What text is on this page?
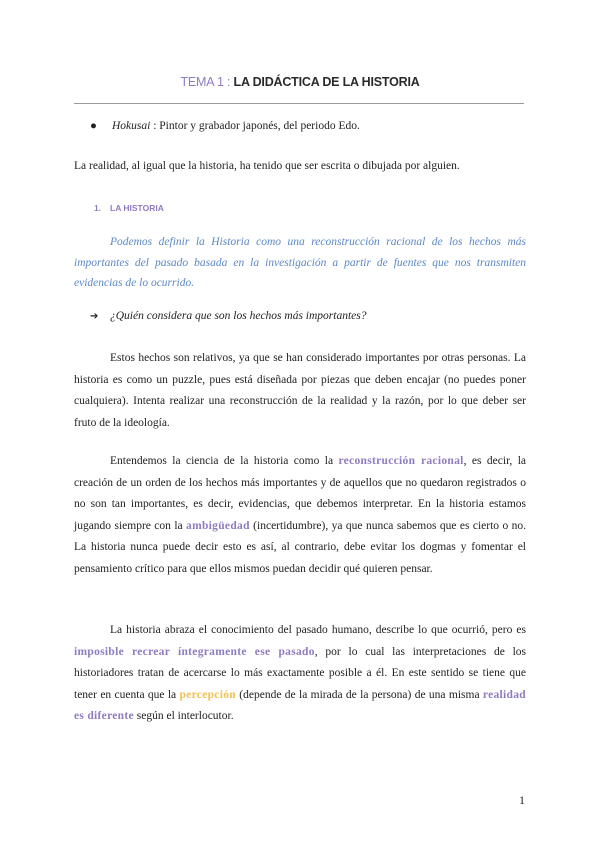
TEMA 1 : LA DIDÁCTICA DE LA HISTORIA
● Hokusai : Pintor y grabador japonés, del periodo Edo.
La realidad, al igual que la historia, ha tenido que ser escrita o dibujada por alguien.
1. LA HISTORIA
Podemos definir la Historia como una reconstrucción racional de los hechos más importantes del pasado basada en la investigación a partir de fuentes que nos transmiten evidencias de lo ocurrido.
➔ ¿Quién considera que son los hechos más importantes?
Estos hechos son relativos, ya que se han considerado importantes por otras personas. La historia es como un puzzle, pues está diseñada por piezas que deben encajar (no puedes poner cualquiera). Intenta realizar una reconstrucción de la realidad y la razón, por lo que deber ser fruto de la ideología.
Entendemos la ciencia de la historia como la reconstrucción racional, es decir, la creación de un orden de los hechos más importantes y de aquellos que no quedaron registrados o no son tan importantes, es decir, evidencias, que debemos interpretar. En la historia estamos jugando siempre con la ambigüedad (incertidumbre), ya que nunca sabemos que es cierto o no. La historia nunca puede decir esto es así, al contrario, debe evitar los dogmas y fomentar el pensamiento crítico para que ellos mismos puedan decidir qué quieren pensar.
La historia abraza el conocimiento del pasado humano, describe lo que ocurrió, pero es imposible recrear íntegramente ese pasado, por lo cual las interpretaciones de los historiadores tratan de acercarse lo más exactamente posible a él. En este sentido se tiene que tener en cuenta que la percepción (depende de la mirada de la persona) de una misma realidad es diferente según el interlocutor.
1
